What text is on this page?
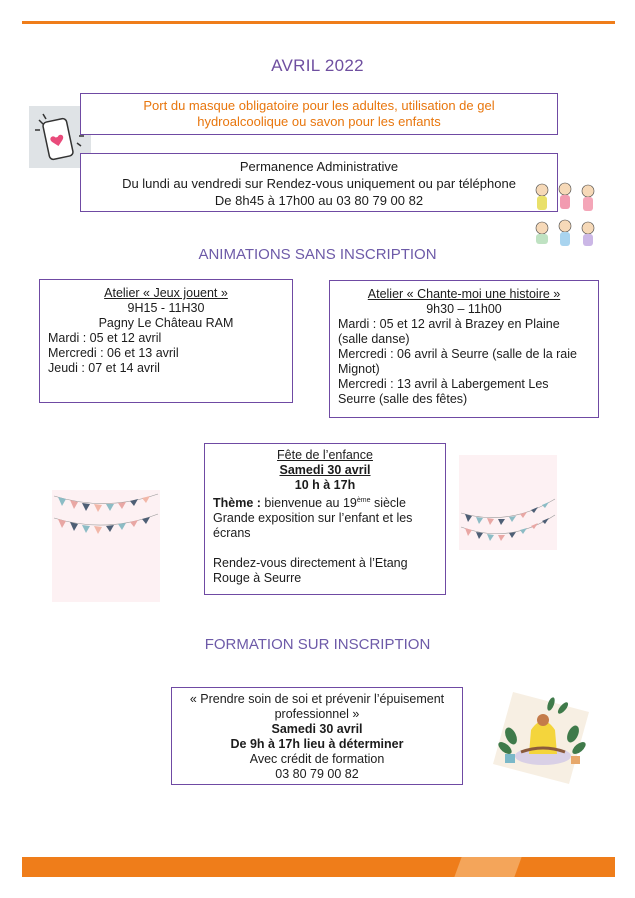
AVRIL 2022
Port du masque obligatoire pour les adultes, utilisation de gel
hydroalcoolique ou savon pour les enfants
Permanence Administrative
Du lundi au vendredi sur Rendez-vous uniquement ou par téléphone
De 8h45 à 17h00 au 03 80 79 00 82
ANIMATIONS SANS INSCRIPTION
Atelier « Jeux jouent »
9H15 - 11H30
Pagny Le Château RAM
Mardi : 05 et 12 avril
Mercredi : 06 et 13 avril
Jeudi : 07 et 14 avril
Atelier « Chante-moi une histoire »
9h30 – 11h00
Mardi : 05 et 12 avril à Brazey en Plaine
(salle danse)
Mercredi : 06 avril à Seurre (salle de la raie
Mignot)
Mercredi : 13 avril à Labergement Les
Seurre (salle des fêtes)
Fête de l’enfance
Samedi 30 avril
10 h à 17h
Thème : bienvenue au 19ème siècle
Grande exposition sur l’enfant et les écrans
Rendez-vous directement à l’Etang Rouge à Seurre
FORMATION SUR INSCRIPTION
« Prendre soin de soi et prévenir l’épuisement
professionnel »
Samedi 30 avril
De 9h à 17h lieu à déterminer
Avec crédit de formation
03 80 79 00 82
